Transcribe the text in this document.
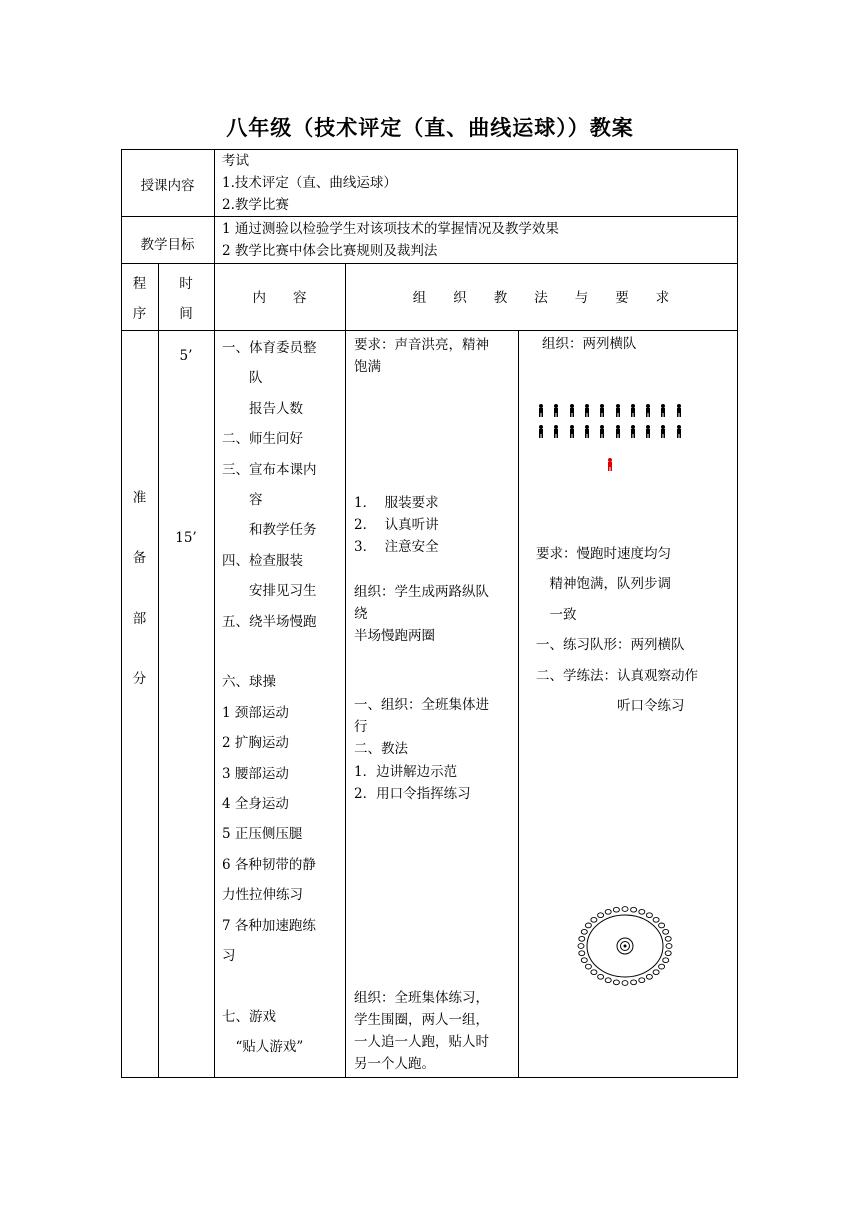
八年级（技术评定（直、曲线运球））教案
授课内容
考试
1.技术评定（直、曲线运球）
2.教学比赛
教学目标
1 通过测验以检验学生对该项技术的掌握情况及教学效果
2 教学比赛中体会比赛规则及裁判法
程
序
时
间
内　　容	组　　织　　教　　法　　与　　要　　求
准
备
部
分
5’
15’
一、体育委员整
　　队
　　报告人数
二、师生问好
三、宣布本课内
　　容
　　和教学任务
四、检查服装
　　安排见习生
五、绕半场慢跑
六、球操
1 颈部运动
2 扩胸运动
3 腰部运动
4 全身运动
5 正压侧压腿
6 各种韧带的静
力性拉伸练习
7 各种加速跑练
习
七、游戏
　“贴人游戏”
要求：声音洪亮，精神
饱满
1．  服装要求
2．  认真听讲
3．  注意安全
组织：学生成两路纵队
绕
半场慢跑两圈
一、组织：全班集体进
行
二、教法
1．边讲解边示范
2．用口令指挥练习
组织：全班集体练习，
学生围圈，两人一组，
一人追一人跑，贴人时
另一个人跑。
组织：两列横队
要求：慢跑时速度均匀
　精神饱满，队列步调
　一致
一、练习队形：两列横队
二、学练法：认真观察动作
　　　　　　听口令练习
